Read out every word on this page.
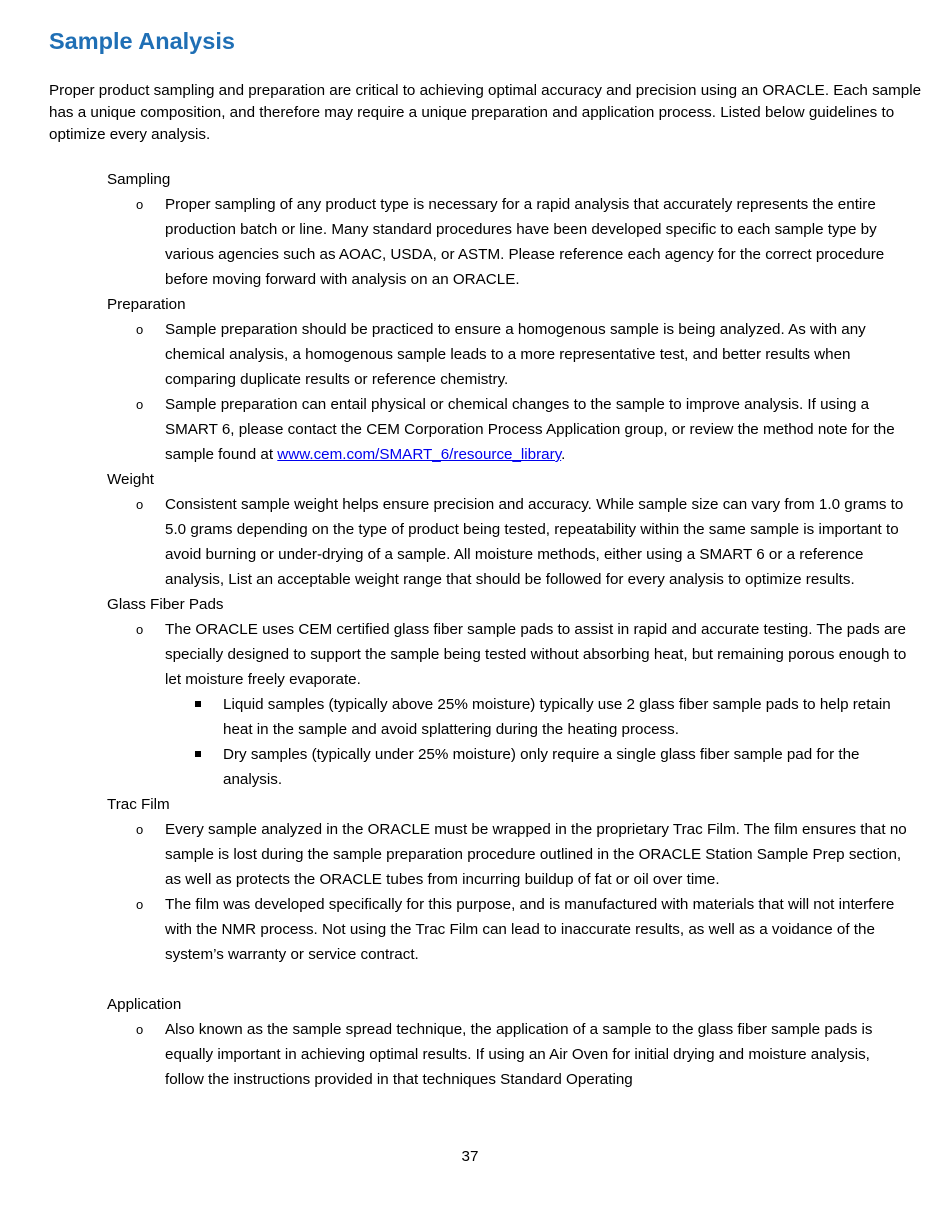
Sample Analysis

Proper product sampling and preparation are critical to achieving optimal accuracy and precision using an ORACLE. Each sample has a unique composition, and therefore may require a unique preparation and application process. Listed below guidelines to optimize every analysis.

Sampling

o	Proper sampling of any product type is necessary for a rapid analysis that accurately represents the entire production batch or line. Many standard procedures have been developed specific to each sample type by various agencies such as AOAC, USDA, or ASTM. Please reference each agency for the correct procedure before moving forward with analysis on an ORACLE.

Preparation

o	Sample preparation should be practiced to ensure a homogenous sample is being analyzed. As with any chemical analysis, a homogenous sample leads to a more representative test, and better results when comparing duplicate results or reference chemistry.
o	Sample preparation can entail physical or chemical changes to the sample to improve analysis. If using a SMART 6, please contact the CEM Corporation Process Application group, or review the method note for the sample found at www.cem.com/SMART_6/resource_library.

Weight

o	Consistent sample weight helps ensure precision and accuracy. While sample size can vary from 1.0 grams to 5.0 grams depending on the type of product being tested, repeatability within the same sample is important to avoid burning or under-drying of a sample. All moisture methods, either using a SMART 6 or a reference analysis, List an acceptable weight range that should be followed for every analysis to optimize results.

Glass Fiber Pads

o	The ORACLE uses CEM certified glass fiber sample pads to assist in rapid and accurate testing. The pads are specially designed to support the sample being tested without absorbing heat, but remaining porous enough to let moisture freely evaporate.
Liquid samples (typically above 25% moisture) typically use 2 glass fiber sample pads to help retain heat in the sample and avoid splattering during the heating process.
Dry samples (typically under 25% moisture) only require a single glass fiber sample pad for the analysis.

Trac Film

o	Every sample analyzed in the ORACLE must be wrapped in the proprietary Trac Film. The film ensures that no sample is lost during the sample preparation procedure outlined in the ORACLE Station Sample Prep section, as well as protects the ORACLE tubes from incurring buildup of fat or oil over time.
o	The film was developed specifically for this purpose, and is manufactured with materials that will not interfere with the NMR process. Not using the Trac Film can lead to inaccurate results, as well as a voidance of the system’s warranty or service contract.

Application

o	Also known as the sample spread technique, the application of a sample to the glass fiber sample pads is equally important in achieving optimal results. If using an Air Oven for initial drying and moisture analysis, follow the instructions provided in that techniques Standard Operating
37
